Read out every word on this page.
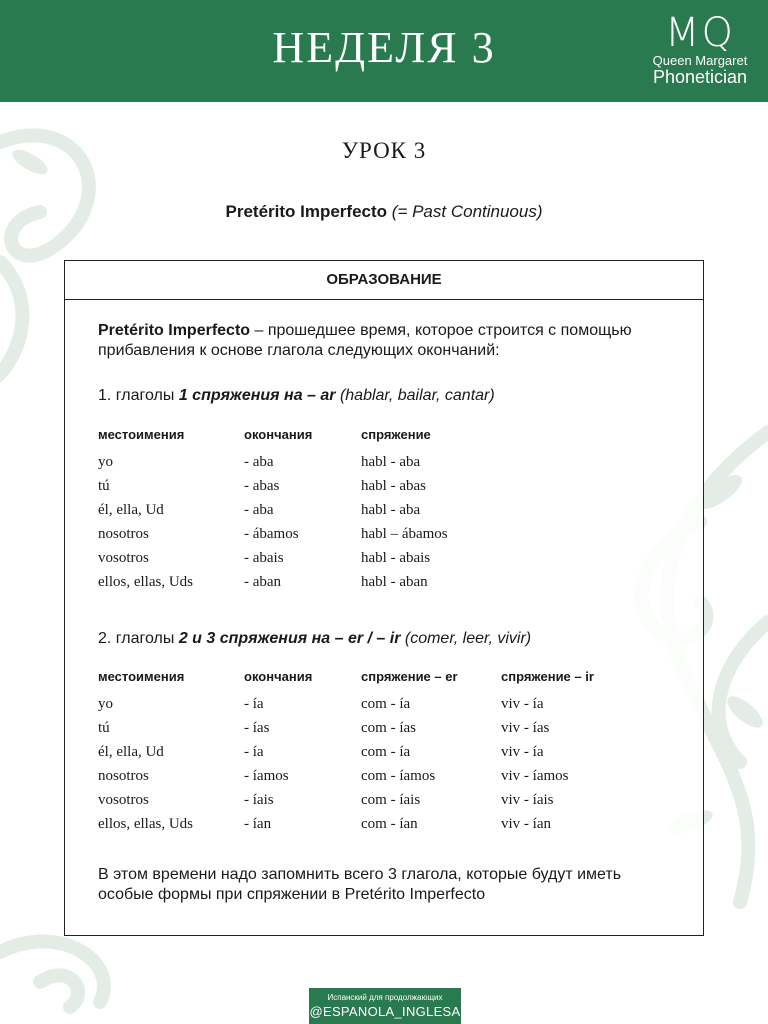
НЕДЕЛЯ 3	MQ
Queen Margaret
Phonetician
УРОК 3
Pretérito Imperfecto (= Past Continuous)
ОБРАЗОВАНИЕ
Pretérito Imperfecto – прошедшее время, которое строится с помощью прибавления к основе глагола следующих окончаний:
1. глаголы 1 спряжения на – ar (hablar, bailar, cantar)
местоимения	окончания	спряжение
yo	- aba	habl - aba
tú	- abas	habl - abas
él, ella, Ud	- aba	habl - aba
nosotros	- ábamos	habl – ábamos
vosotros	- abais	habl - abais
ellos, ellas, Uds	- aban	habl - aban
2. глаголы 2 и 3 спряжения на – er / – ir (comer, leer, vivir)
местоимения	окончания	спряжение – er	спряжение – ir
yo	- ía	com - ía	viv - ía
tú	- ías	com - ías	viv - ías
él, ella, Ud	- ía	com - ía	viv - ía
nosotros	- íamos	com - íamos	viv - íamos
vosotros	- íais	com - íais	viv - íais
ellos, ellas, Uds	- ían	com - ían	viv - ían
В этом времени надо запомнить всего 3 глагола, которые будут иметь особые формы при спряжении в Pretérito Imperfecto
Испанский для продолжающих
@ESPANOLA_INGLESA
